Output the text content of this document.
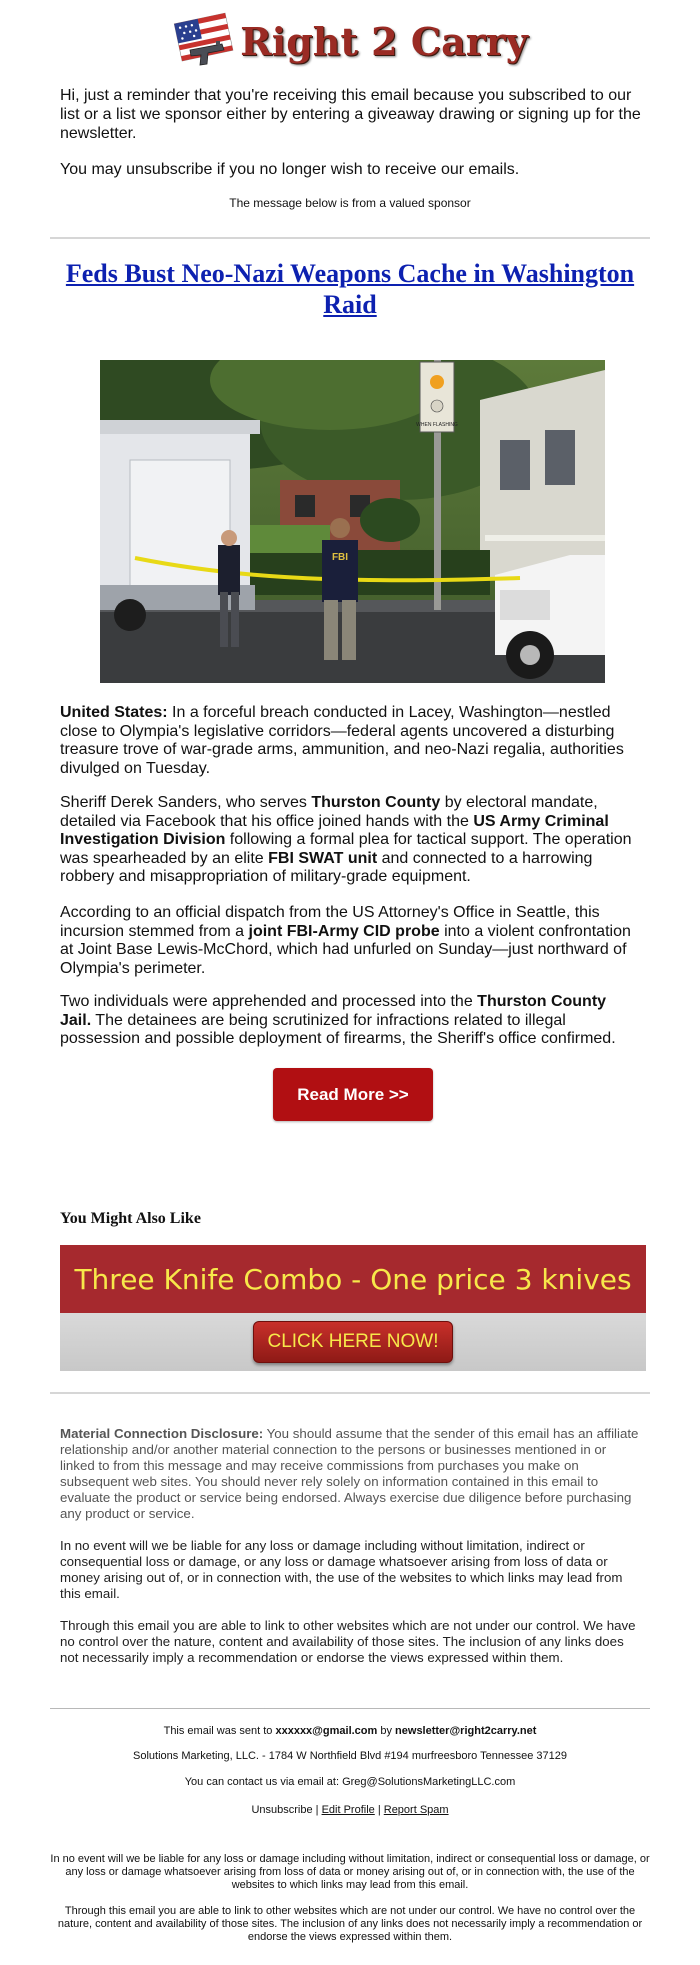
Right 2 Carry

Hi, just a reminder that you're receiving this email because you subscribed to our list or a list we sponsor either by entering a giveaway drawing or signing up for the newsletter.

You may unsubscribe if you no longer wish to receive our emails.

The message below is from a valued sponsor
Feds Bust Neo-Nazi Weapons Cache in Washington Raid
WHEN FLASHING
FBI

United States: In a forceful breach conducted in Lacey, Washington—nestled close to Olympia's legislative corridors—federal agents uncovered a disturbing treasure trove of war-grade arms, ammunition, and neo-Nazi regalia, authorities divulged on Tuesday.

Sheriff Derek Sanders, who serves Thurston County by electoral mandate, detailed via Facebook that his office joined hands with the US Army Criminal Investigation Division following a formal plea for tactical support. The operation was spearheaded by an elite FBI SWAT unit and connected to a harrowing robbery and misappropriation of military-grade equipment.

According to an official dispatch from the US Attorney's Office in Seattle, this incursion stemmed from a joint FBI-Army CID probe into a violent confrontation at Joint Base Lewis-McChord, which had unfurled on Sunday—just northward of Olympia's perimeter.

Two individuals were apprehended and processed into the Thurston County Jail. The detainees are being scrutinized for infractions related to illegal possession and possible deployment of firearms, the Sheriff's office confirmed.

Read More >>
You Might Also Like
Three Knife Combo - One price 3 knives
CLICK HERE NOW!

Material Connection Disclosure: You should assume that the sender of this email has an affiliate relationship and/or another material connection to the persons or businesses mentioned in or linked to from this message and may receive commissions from purchases you make on subsequent web sites. You should never rely solely on information contained in this email to evaluate the product or service being endorsed. Always exercise due diligence before purchasing any product or service.

In no event will we be liable for any loss or damage including without limitation, indirect or consequential loss or damage, or any loss or damage whatsoever arising from loss of data or money arising out of, or in connection with, the use of the websites to which links may lead from this email.

Through this email you are able to link to other websites which are not under our control. We have no control over the nature, content and availability of those sites. The inclusion of any links does not necessarily imply a recommendation or endorse the views expressed within them.

This email was sent to xxxxxx@gmail.com by newsletter@right2carry.net
Solutions Marketing, LLC. - 1784 W Northfield Blvd #194 murfreesboro Tennessee 37129
You can contact us via email at: Greg@SolutionsMarketingLLC.com
Unsubscribe | Edit Profile | Report Spam
In no event will we be liable for any loss or damage including without limitation, indirect or consequential loss or damage, or any loss or damage whatsoever arising from loss of data or money arising out of, or in connection with, the use of the websites to which links may lead from this email.
Through this email you are able to link to other websites which are not under our control. We have no control over the nature, content and availability of those sites. The inclusion of any links does not necessarily imply a recommendation or endorse the views expressed within them.
